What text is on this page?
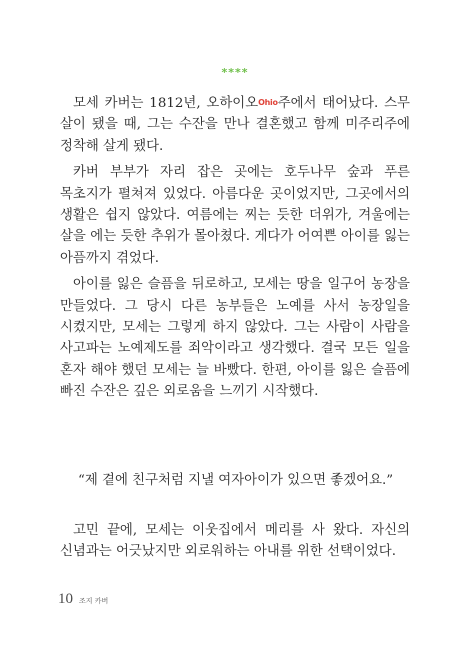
****

모세 카버는 1812년, 오하이오Ohio주에서 태어났다. 스무 살이 됐을 때, 그는 수잔을 만나 결혼했고 함께 미주리주에 정착해 살게 됐다.

카버 부부가 자리 잡은 곳에는 호두나무 숲과 푸른 목초지가 펼쳐져 있었다. 아름다운 곳이었지만, 그곳에서의 생활은 쉽지 않았다. 여름에는 찌는 듯한 더위가, 겨울에는 살을 에는 듯한 추위가 몰아쳤다. 게다가 어여쁜 아이를 잃는 아픔까지 겪었다.

아이를 잃은 슬픔을 뒤로하고, 모세는 땅을 일구어 농장을 만들었다. 그 당시 다른 농부들은 노예를 사서 농장일을 시켰지만, 모세는 그렇게 하지 않았다. 그는 사람이 사람을 사고파는 노예제도를 죄악이라고 생각했다. 결국 모든 일을 혼자 해야 했던 모세는 늘 바빴다. 한편, 아이를 잃은 슬픔에 빠진 수잔은 깊은 외로움을 느끼기 시작했다.

“제 곁에 친구처럼 지낼 여자아이가 있으면 좋겠어요.”
고민 끝에, 모세는 이웃집에서 메리를 사 왔다. 자신의 신념과는 어긋났지만 외로워하는 아내를 위한 선택이었다.
10 조지 카버
